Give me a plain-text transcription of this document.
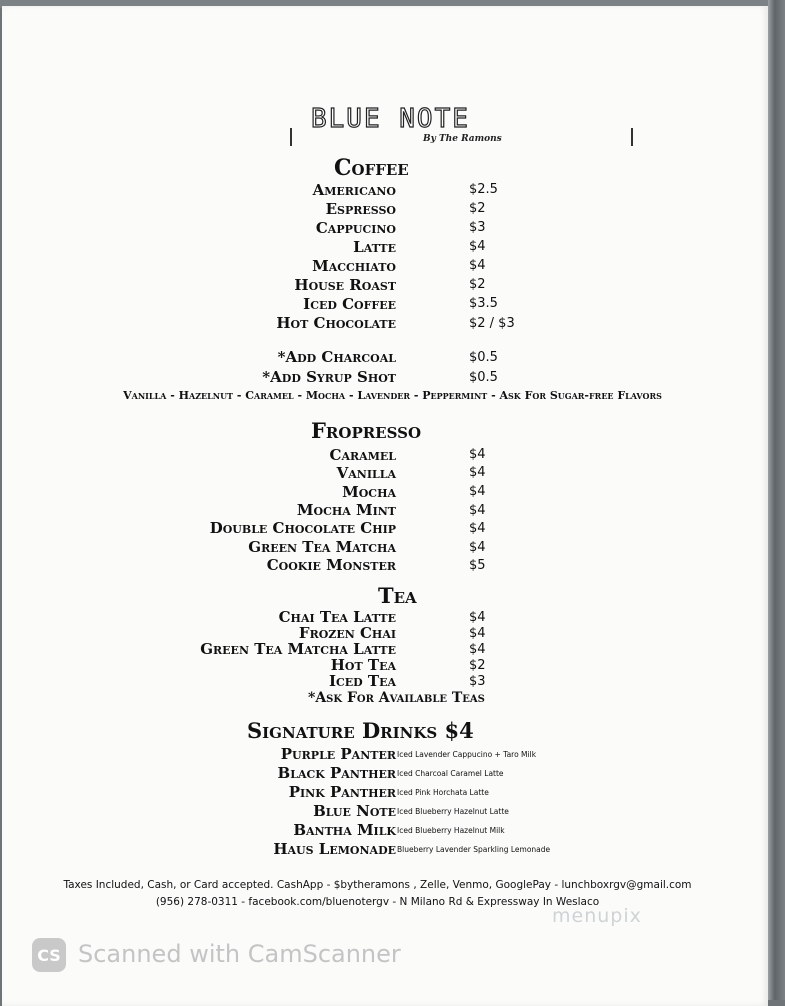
BLUE NOTE
By The Ramons
Coffee
Americano	$2.5
Espresso	$2
Cappucino	$3
Latte	$4
Macchiato	$4
House Roast	$2
Iced Coffee	$3.5
Hot Chocolate	$2 / $3
*Add Charcoal	$0.5
*Add Syrup Shot	$0.5
Vanilla - Hazelnut - Caramel - Mocha - Lavender - Peppermint - Ask For Sugar-free Flavors
Fropresso
Caramel	$4
Vanilla	$4
Mocha	$4
Mocha Mint	$4
Double Chocolate Chip	$4
Green Tea Matcha	$4
Cookie Monster	$5
Tea
Chai Tea Latte	$4
Frozen Chai	$4
Green Tea Matcha Latte	$4
Hot Tea	$2
Iced Tea	$3
*Ask For Available Teas
Signature Drinks $4
Purple Panter Iced Lavender Cappucino + Taro Milk
Black Panther Iced Charcoal Caramel Latte
Pink Panther Iced Pink Horchata Latte
Blue Note Iced Blueberry Hazelnut Latte
Bantha Milk Iced Blueberry Hazelnut Milk
Haus Lemonade Blueberry Lavender Sparkling Lemonade
Taxes Included, Cash, or Card accepted. CashApp - $bytheramons , Zelle, Venmo, GooglePay - lunchboxrgv@gmail.com
(956) 278-0311 - facebook.com/bluenotergv - N Milano Rd & Expressway In Weslaco
menupix
CS Scanned with CamScanner
